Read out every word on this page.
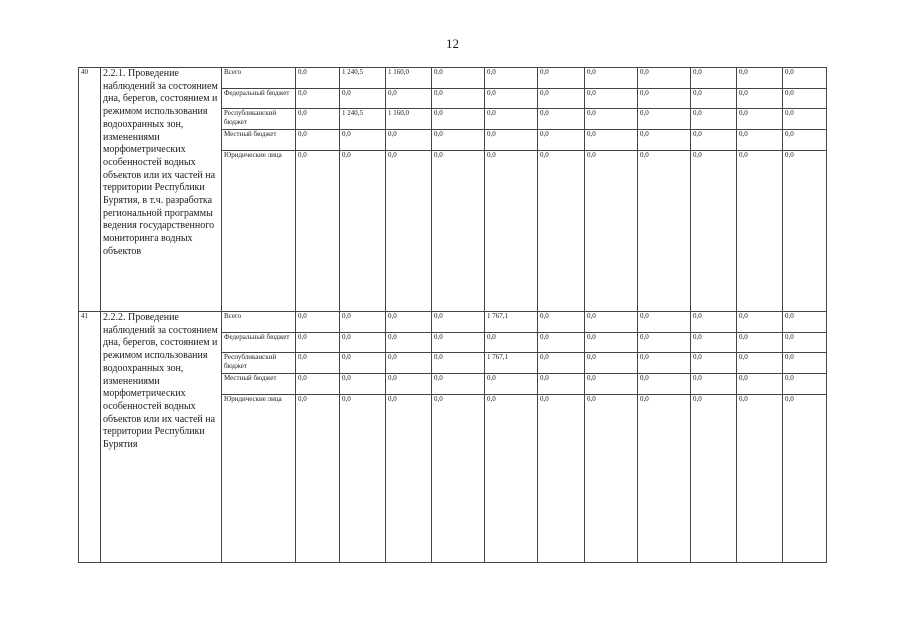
12
40	2.2.1. Проведение наблюдений за состоянием дна, берегов, состоянием и режимом использования водоохранных зон, изменениями морфометрических особенностей водных объектов или их частей на территории Республики Бурятия, в т.ч. разработка региональной программы ведения государственного мониторинга водных объектов	Всего	0,0	1 240,5	1 160,0	0,0	0,0	0,0	0,0	0,0	0,0	0,0	0,0
		Федеральный бюджет	0,0	0,0	0,0	0,0	0,0	0,0	0,0	0,0	0,0	0,0	0,0
		Республиканский бюджет	0,0	1 240,5	1 160,0	0,0	0,0	0,0	0,0	0,0	0,0	0,0	0,0
		Местный бюджет	0,0	0,0	0,0	0,0	0,0	0,0	0,0	0,0	0,0	0,0	0,0
		Юридические лица	0,0	0,0	0,0	0,0	0,0	0,0	0,0	0,0	0,0	0,0	0,0
41	2.2.2. Проведение наблюдений за состоянием дна, берегов, состоянием и режимом использования водоохранных зон, изменениями морфометрических особенностей водных объектов или их частей на территории Республики Бурятия	Всего	0,0	0,0	0,0	0,0	1 767,1	0,0	0,0	0,0	0,0	0,0	0,0
		Федеральный бюджет	0,0	0,0	0,0	0,0	0,0	0,0	0,0	0,0	0,0	0,0	0,0
		Республиканский бюджет	0,0	0,0	0,0	0,0	1 767,1	0,0	0,0	0,0	0,0	0,0	0,0
		Местный бюджет	0,0	0,0	0,0	0,0	0,0	0,0	0,0	0,0	0,0	0,0	0,0
		Юридические лица	0,0	0,0	0,0	0,0	0,0	0,0	0,0	0,0	0,0	0,0	0,0
